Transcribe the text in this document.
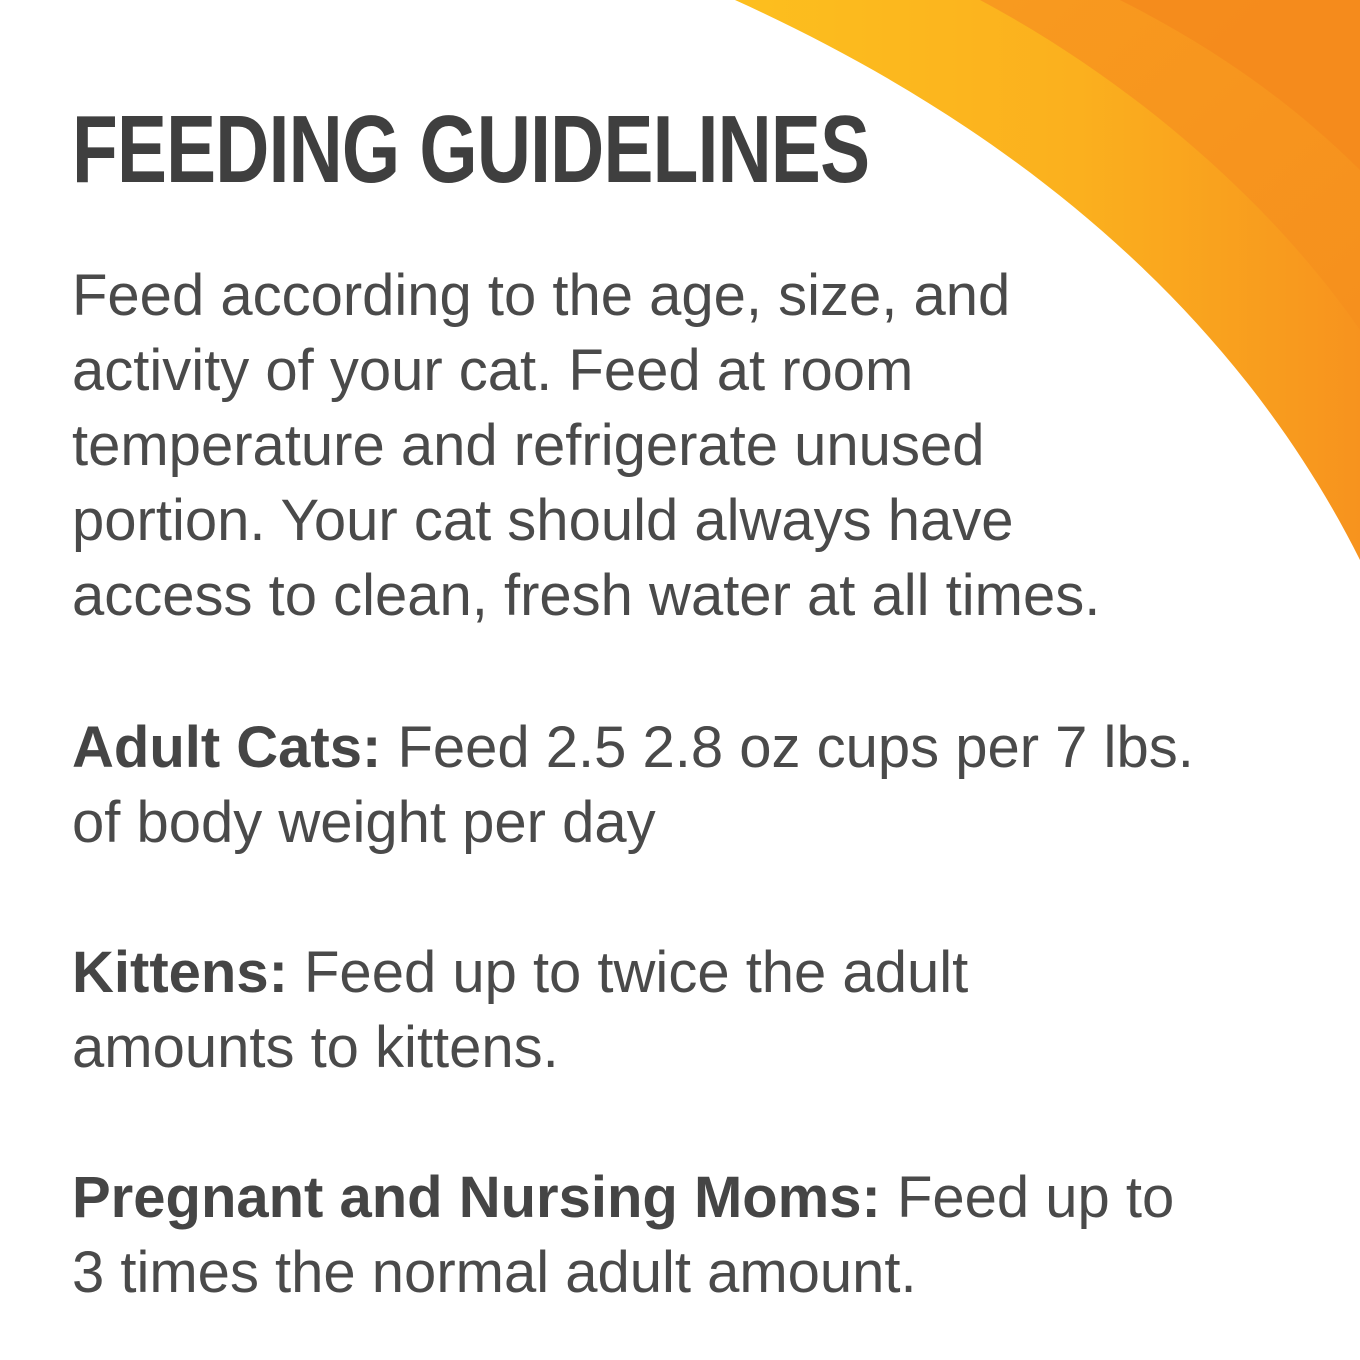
FEEDING GUIDELINES

Feed according to the age, size, and
activity of your cat. Feed at room
temperature and refrigerate unused
portion. Your cat should always have
access to clean, fresh water at all times.

Adult Cats: Feed 2.5 2.8 oz cups per 7 lbs.
of body weight per day

Kittens: Feed up to twice the adult
amounts to kittens.

Pregnant and Nursing Moms: Feed up to
3 times the normal adult amount.
